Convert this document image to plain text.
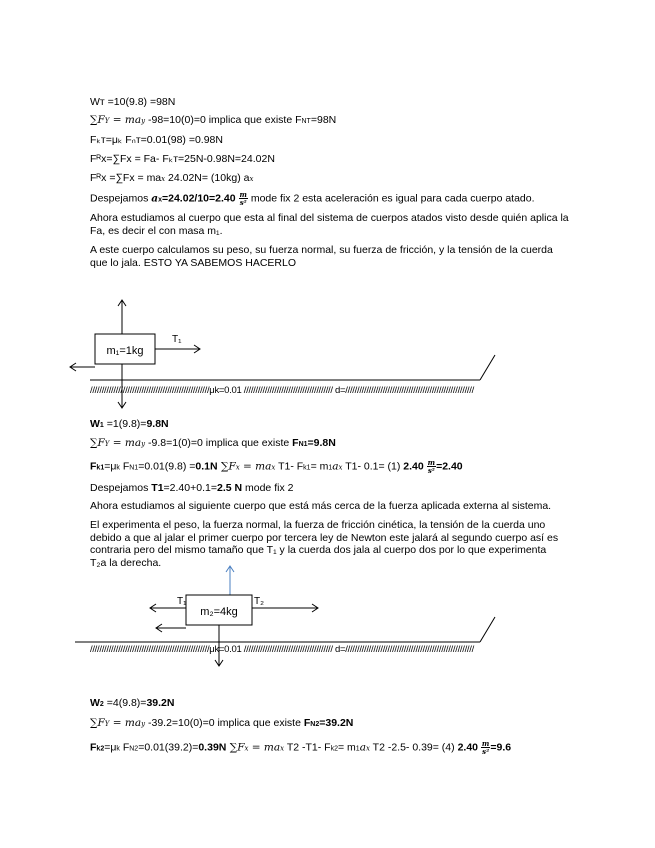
Wᴛ =10(9.8) =98N
∑FY = may -98=10(0)=0 implica que existe FNT=98N
Fₖᴛ=μₖ Fₙᴛ=0.01(98) =0.98N
Fᴿx=∑Fx = Fa- Fₖᴛ=25N-0.98N=24.02N
Fᴿx =∑Fx = max 24.02N= (10kg) ax
Despejamos $ax=24.02/10=2.40 \frac{m}{\text{s²}}$ mode fix 2 esta aceleración es igual para cada cuerpo atado.
Ahora estudiamos al cuerpo que esta al final del sistema de cuerpos atados visto desde quién aplica la Fa, es decir el con masa m₁.
A este cuerpo calculamos su peso, su fuerza normal, su fuerza de fricción, y la tensión de la cuerda que lo jala. ESTO YA SABEMOS HACERLO
m₁=1kg
T₁
///////////////////////////////////////////////////μk=0.01 ////////////////////////////////////// d=///////////////////////////////////////////////////////
W1 =1(9.8)=9.8N
∑FY = may -9.8=1(0)=0 implica que existe FN1=9.8N
Fk1=μk FN1=0.01(9.8) =0.1N ∑Fx = max T1- Fk1= m1ax T1- 0.1= (1) $2.40 \frac{m}{\text{s²}} =2.40$
Despejamos T1=2.40+0.1=2.5 N mode fix 2
Ahora estudiamos al siguiente cuerpo que está más cerca de la fuerza aplicada externa al sistema.
El experimenta el peso, la fuerza normal, la fuerza de fricción cinética, la tensión de la cuerda uno debido a que al jalar el primer cuerpo por tercera ley de Newton este jalará al segundo cuerpo así es contraria pero del mismo tamaño que T₁ y la cuerda dos jala al cuerpo dos por lo que experimenta T₂a la derecha.
m₂=4kg
T₁	T₂
///////////////////////////////////////////////////μk=0.01 ////////////////////////////////////// d=///////////////////////////////////////////////////////
W2 =4(9.8)=39.2N
∑FY = may -39.2=10(0)=0 implica que existe FN2=39.2N
Fk2=μk FN2=0.01(39.2)=0.39N ∑Fx = max T2 -T1- Fk2= m1ax T2 -2.5- 0.39= (4) $2.40 \frac{m}{\text{s²}} =9.6$
